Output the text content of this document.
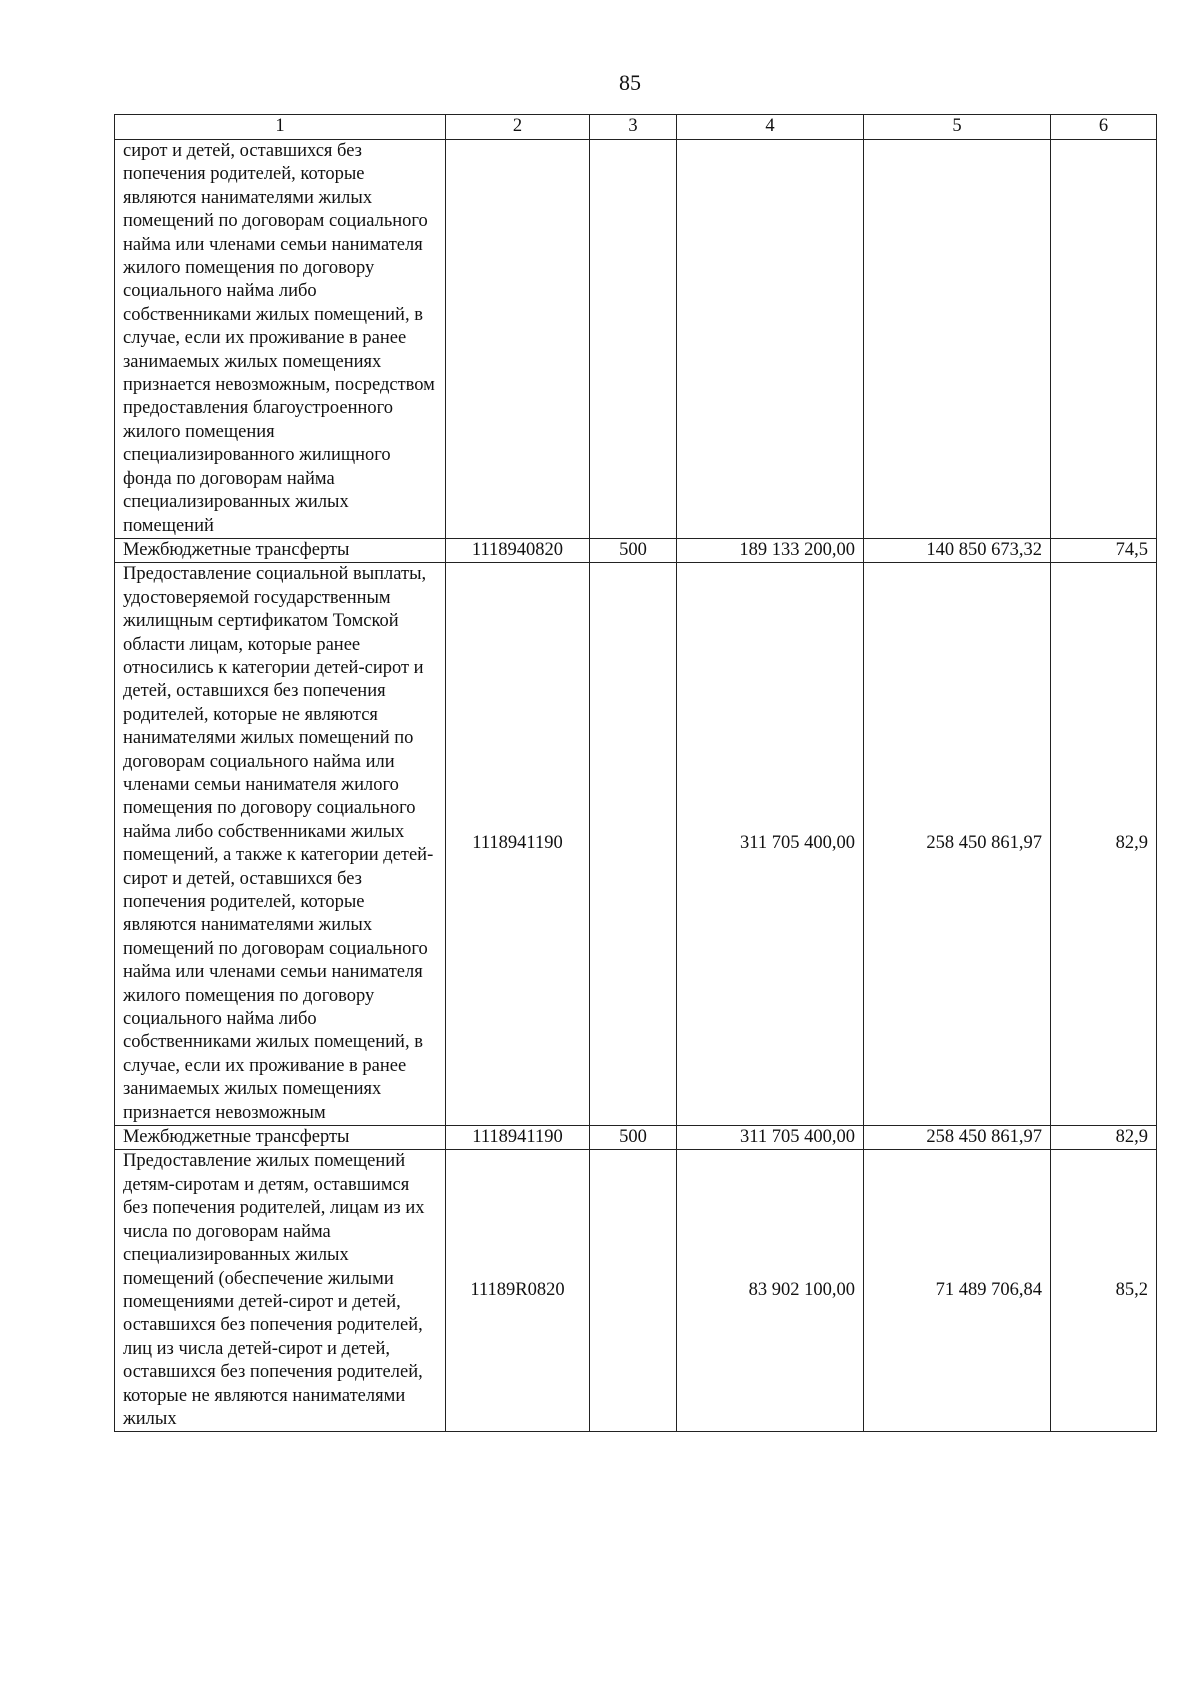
85
1	2	3	4	5	6
сирот и детей, оставшихся без попечения родителей, которые являются нанимателями жилых помещений по договорам социального найма или членами семьи нанимателя жилого помещения по договору социального найма либо собственниками жилых помещений, в случае, если их проживание в ранее занимаемых жилых помещениях признается невозможным, посредством предоставления благоустроенного жилого помещения специализированного жилищного фонда по договорам найма специализированных жилых помещений					
Межбюджетные трансферты	1118940820	500	189 133 200,00	140 850 673,32	74,5
Предоставление социальной выплаты, удостоверяемой государственным жилищным сертификатом Томской области лицам, которые ранее относились к категории детей-сирот и детей, оставшихся без попечения родителей, которые не являются нанимателями жилых помещений по договорам социального найма или членами семьи нанимателя жилого помещения по договору социального найма либо собственниками жилых помещений, а также к категории детей-сирот и детей, оставшихся без попечения родителей, которые являются нанимателями жилых помещений по договорам социального найма или членами семьи нанимателя жилого помещения по договору социального найма либо собственниками жилых помещений, в случае, если их проживание в ранее занимаемых жилых помещениях признается невозможным	1118941190		311 705 400,00	258 450 861,97	82,9
Межбюджетные трансферты	1118941190	500	311 705 400,00	258 450 861,97	82,9
Предоставление жилых помещений детям-сиротам и детям, оставшимся без попечения родителей, лицам из их числа по договорам найма специализированных жилых помещений (обеспечение жилыми помещениями детей-сирот и детей, оставшихся без попечения родителей, лиц из числа детей-сирот и детей, оставшихся без попечения родителей, которые не являются нанимателями жилых	11189R0820		83 902 100,00	71 489 706,84	85,2
